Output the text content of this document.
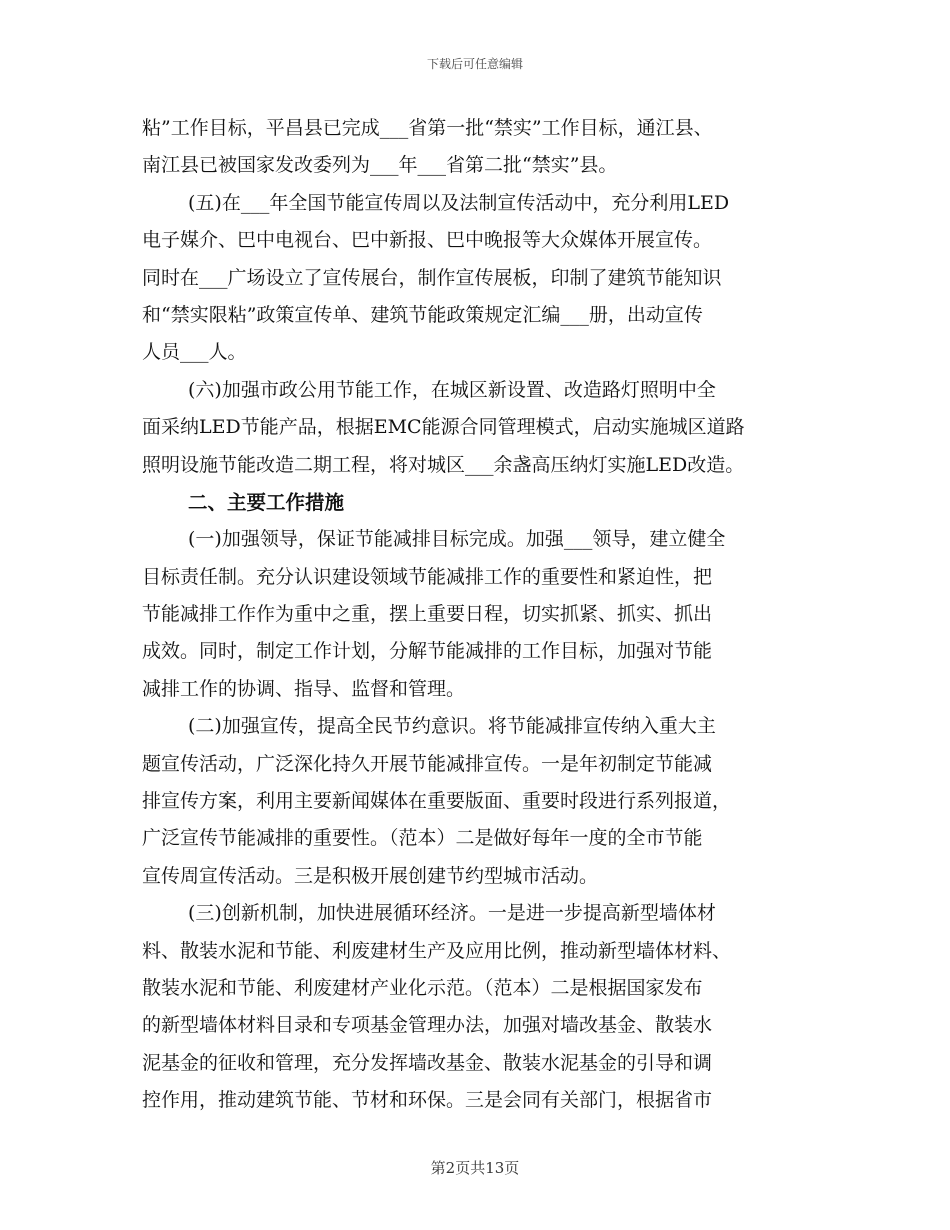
下载后可任意编辑
粘”工作目标，平昌县已完成___省第一批“禁实”工作目标，通江县、
南江县已被国家发改委列为___年___省第二批“禁实”县。
(五)在___年全国节能宣传周以及法制宣传活动中，充分利用LED
电子媒介、巴中电视台、巴中新报、巴中晚报等大众媒体开展宣传。
同时在___广场设立了宣传展台，制作宣传展板，印制了建筑节能知识
和“禁实限粘”政策宣传单、建筑节能政策规定汇编___册，出动宣传
人员___人。
(六)加强市政公用节能工作，在城区新设置、改造路灯照明中全
面采纳LED节能产品，根据EMC能源合同管理模式，启动实施城区道路
照明设施节能改造二期工程，将对城区___余盏高压纳灯实施LED改造。
二、主要工作措施
(一)加强领导，保证节能减排目标完成。加强___领导，建立健全
目标责任制。充分认识建设领域节能减排工作的重要性和紧迫性，把
节能减排工作作为重中之重，摆上重要日程，切实抓紧、抓实、抓出
成效。同时，制定工作计划，分解节能减排的工作目标，加强对节能
减排工作的协调、指导、监督和管理。
(二)加强宣传，提高全民节约意识。将节能减排宣传纳入重大主
题宣传活动，广泛深化持久开展节能减排宣传。一是年初制定节能减
排宣传方案，利用主要新闻媒体在重要版面、重要时段进行系列报道，
广泛宣传节能减排的重要性。（范本）二是做好每年一度的全市节能
宣传周宣传活动。三是积极开展创建节约型城市活动。
(三)创新机制，加快进展循环经济。一是进一步提高新型墙体材
料、散装水泥和节能、利废建材生产及应用比例，推动新型墙体材料、
散装水泥和节能、利废建材产业化示范。（范本）二是根据国家发布
的新型墙体材料目录和专项基金管理办法，加强对墙改基金、散装水
泥基金的征收和管理，充分发挥墙改基金、散装水泥基金的引导和调
控作用，推动建筑节能、节材和环保。三是会同有关部门，根据省市
第2页共13页
